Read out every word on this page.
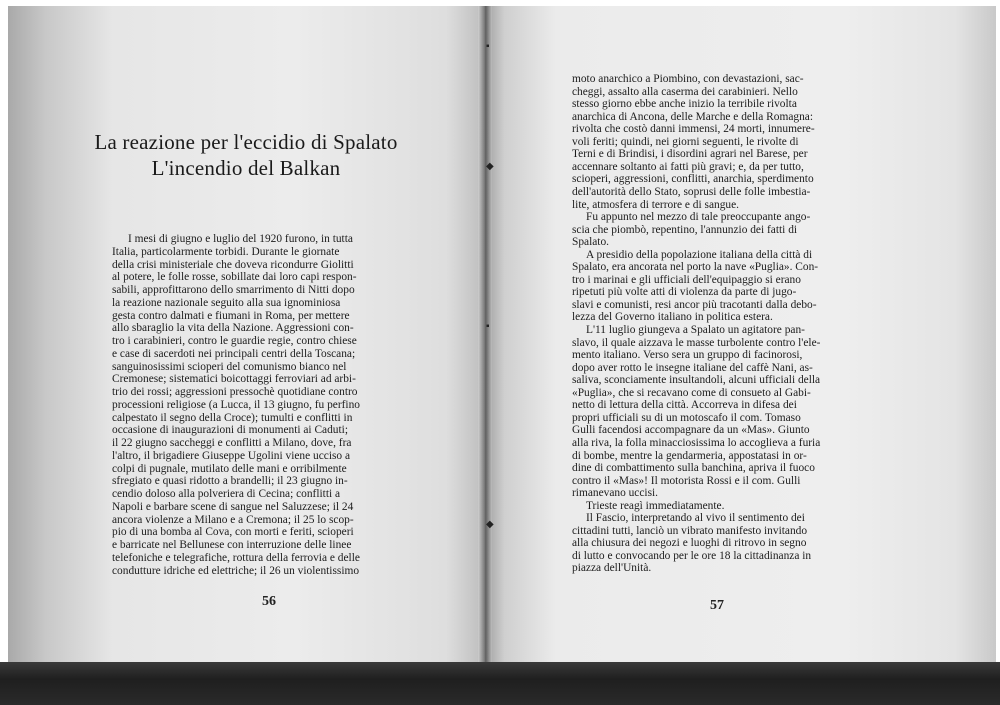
La reazione per l'eccidio di Spalato
L'incendio del Balkan
I mesi di giugno e luglio del 1920 furono, in tutta
Italia, particolarmente torbidi. Durante le giornate
della crisi ministeriale che doveva ricondurre Giolitti
al potere, le folle rosse, sobillate dai loro capi respon-
sabili, approfittarono dello smarrimento di Nitti dopo
la reazione nazionale seguito alla sua ignominiosa
gesta contro dalmati e fiumani in Roma, per mettere
allo sbaraglio la vita della Nazione. Aggressioni con-
tro i carabinieri, contro le guardie regie, contro chiese
e case di sacerdoti nei principali centri della Toscana;
sanguinosissimi scioperi del comunismo bianco nel
Cremonese; sistematici boicottaggi ferroviari ad arbi-
trio dei rossi; aggressioni pressochè quotidiane contro
processioni religiose (a Lucca, il 13 giugno, fu perfino
calpestato il segno della Croce); tumulti e conflitti in
occasione di inaugurazioni di monumenti ai Caduti;
il 22 giugno saccheggi e conflitti a Milano, dove, fra
l'altro, il brigadiere Giuseppe Ugolini viene ucciso a
colpi di pugnale, mutilato delle mani e orribilmente
sfregiato e quasi ridotto a brandelli; il 23 giugno in-
cendio doloso alla polveriera di Cecina; conflitti a
Napoli e barbare scene di sangue nel Saluzzese; il 24
ancora violenze a Milano e a Cremona; il 25 lo scop-
pio di una bomba al Cova, con morti e feriti, scioperi
e barricate nel Bellunese con interruzione delle linee
telefoniche e telegrafiche, rottura della ferrovia e delle
condutture idriche ed elettriche; il 26 un violentissimo
56
moto anarchico a Piombino, con devastazioni, sac-
cheggi, assalto alla caserma dei carabinieri. Nello
stesso giorno ebbe anche inizio la terribile rivolta
anarchica di Ancona, delle Marche e della Romagna:
rivolta che costò danni immensi, 24 morti, innumere-
voli feriti; quindi, nei giorni seguenti, le rivolte di
Terni e di Brindisi, i disordini agrari nel Barese, per
accennare soltanto ai fatti più gravi; e, da per tutto,
scioperi, aggressioni, conflitti, anarchia, sperdimento
dell'autorità dello Stato, soprusi delle folle imbestia-
lite, atmosfera di terrore e di sangue.
Fu appunto nel mezzo di tale preoccupante ango-
scia che piombò, repentino, l'annunzio dei fatti di
Spalato.
A presidio della popolazione italiana della città di
Spalato, era ancorata nel porto la nave «Puglia». Con-
tro i marinai e gli ufficiali dell'equipaggio si erano
ripetuti più volte atti di violenza da parte di jugo-
slavi e comunisti, resi ancor più tracotanti dalla debo-
lezza del Governo italiano in politica estera.
L'11 luglio giungeva a Spalato un agitatore pan-
slavo, il quale aizzava le masse turbolente contro l'ele-
mento italiano. Verso sera un gruppo di facinorosi,
dopo aver rotto le insegne italiane del caffè Nani, as-
saliva, sconciamente insultandoli, alcuni ufficiali della
«Puglia», che si recavano come di consueto al Gabi-
netto di lettura della città. Accorreva in difesa dei
propri ufficiali su di un motoscafo il com. Tomaso
Gulli facendosi accompagnare da un «Mas». Giunto
alla riva, la folla minacciosissima lo accoglieva a furia
di bombe, mentre la gendarmeria, appostatasi in or-
dine di combattimento sulla banchina, apriva il fuoco
contro il «Mas»! Il motorista Rossi e il com. Gulli
rimanevano uccisi.
Trieste reagì immediatamente.
Il Fascio, interpretando al vivo il sentimento dei
cittadini tutti, lanciò un vibrato manifesto invitando
alla chiusura dei negozi e luoghi di ritrovo in segno
di lutto e convocando per le ore 18 la cittadinanza in
piazza dell'Unità.
57
▪
◆
▪
◆
